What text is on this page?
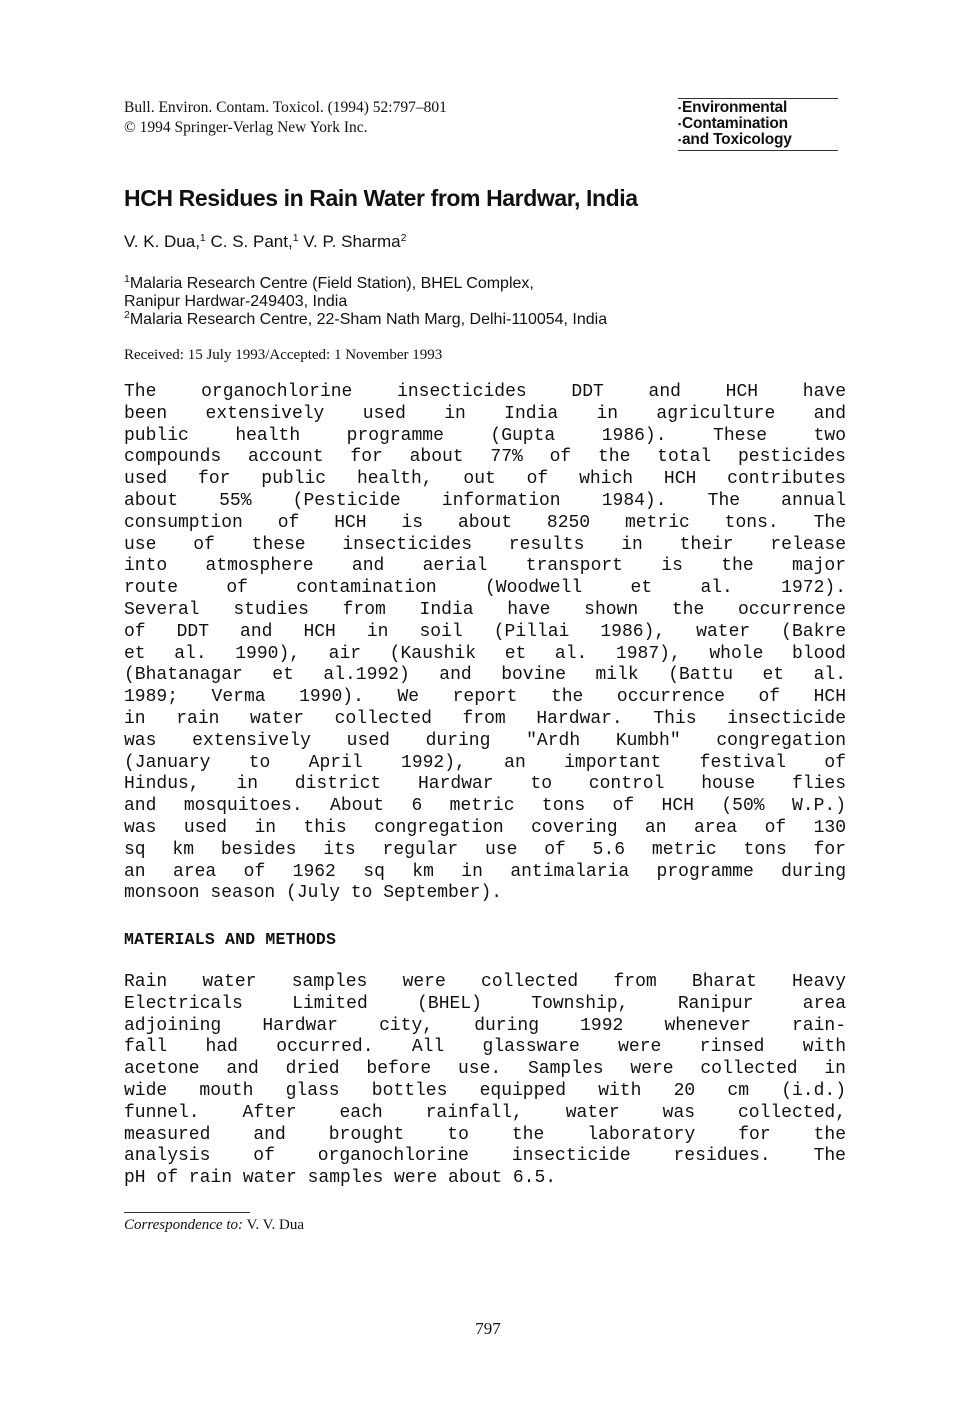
Bull. Environ. Contam. Toxicol. (1994) 52:797–801
© 1994 Springer-Verlag New York Inc.
▪Environmental
▪Contamination
▪and Toxicology
HCH Residues in Rain Water from Hardwar, India
V. K. Dua,$^1$ C. S. Pant,$^1$ V. P. Sharma$^2$
$^1$Malaria Research Centre (Field Station), BHEL Complex,
Ranipur Hardwar-249403, India
$^2$Malaria Research Centre, 22-Sham Nath Marg, Delhi-110054, India
Received: 15 July 1993/Accepted: 1 November 1993
The organochlorine insecticides DDT and HCH have
been extensively used in India in agriculture and
public health programme (Gupta 1986). These two
compounds account for about 77% of the total pesticides
used for public health, out of which HCH contributes
about 55% (Pesticide information 1984). The annual
consumption of HCH is about 8250 metric tons. The
use of these insecticides results in their release
into atmosphere and aerial transport is the major
route of contamination (Woodwell et al. 1972).
Several studies from India have shown the occurrence
of DDT and HCH in soil (Pillai 1986), water (Bakre
et al. 1990), air (Kaushik et al. 1987), whole blood
(Bhatanagar et al.1992) and bovine milk (Battu et al.
1989; Verma 1990). We report the occurrence of HCH
in rain water collected from Hardwar. This insecticide
was extensively used during "Ardh Kumbh" congregation
(January to April 1992), an important festival of
Hindus, in district Hardwar to control house flies
and mosquitoes. About 6 metric tons of HCH (50% W.P.)
was used in this congregation covering an area of 130
sq km besides its regular use of 5.6 metric tons for
an area of 1962 sq km in antimalaria programme during
monsoon season (July to September).
MATERIALS AND METHODS
Rain water samples were collected from Bharat Heavy
Electricals Limited (BHEL) Township, Ranipur area
adjoining Hardwar city, during 1992 whenever rain-
fall had occurred. All glassware were rinsed with
acetone and dried before use. Samples were collected in
wide mouth glass bottles equipped with 20 cm (i.d.)
funnel. After each rainfall, water was collected,
measured and brought to the laboratory for the
analysis of organochlorine insecticide residues. The
pH of rain water samples were about 6.5.
Correspondence to: V. V. Dua
797
